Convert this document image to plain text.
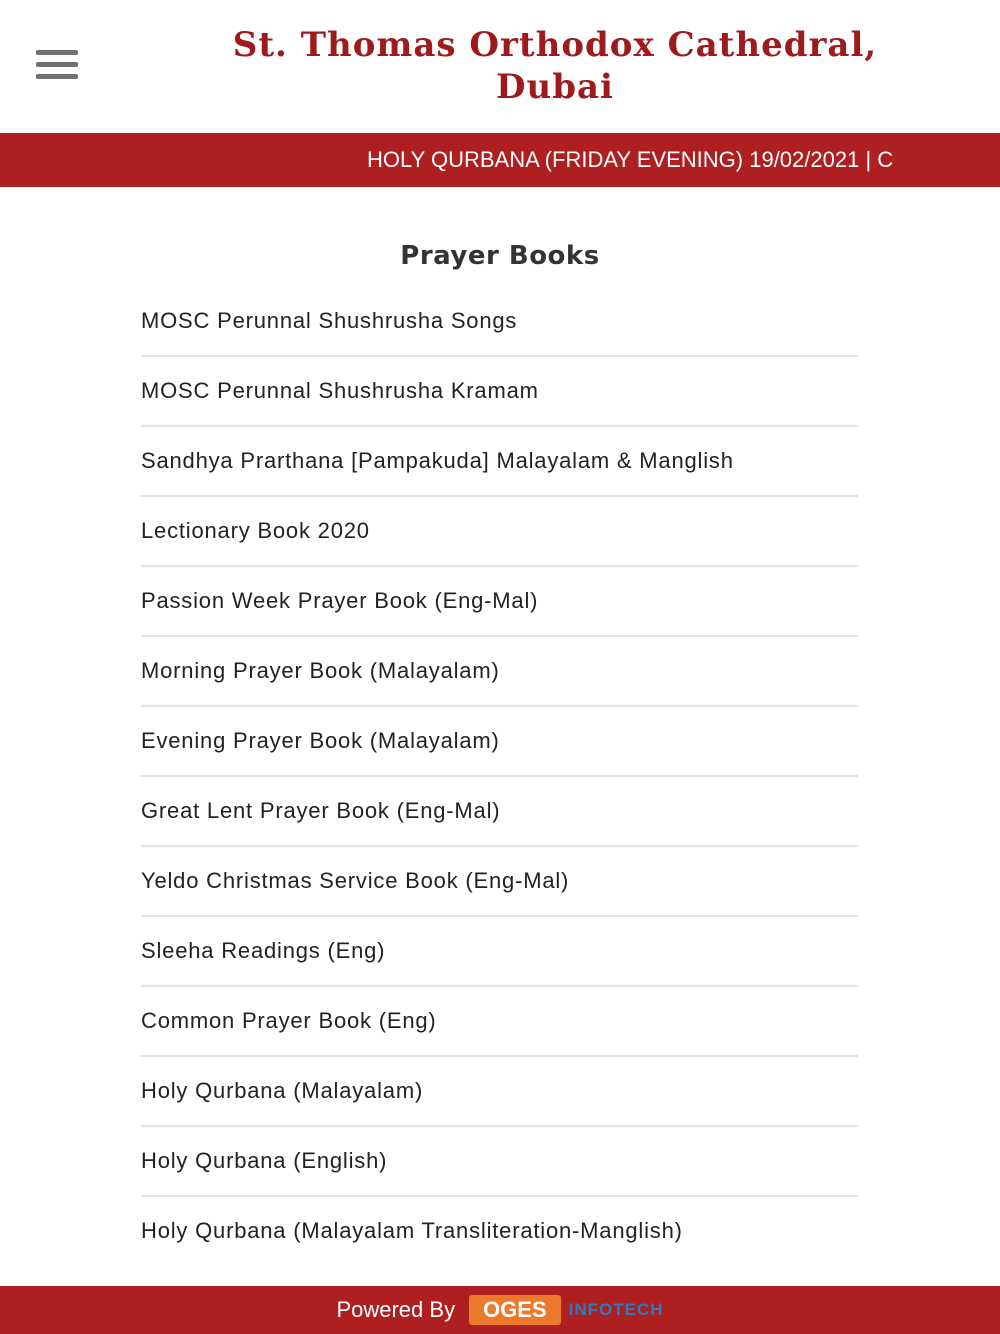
St. Thomas Orthodox Cathedral, Dubai
HOLY QURBANA (FRIDAY EVENING) 19/02/2021 | C
Prayer Books
MOSC Perunnal Shushrusha Songs
MOSC Perunnal Shushrusha Kramam
Sandhya Prarthana [Pampakuda] Malayalam & Manglish
Lectionary Book 2020
Passion Week Prayer Book (Eng-Mal)
Morning Prayer Book (Malayalam)
Evening Prayer Book (Malayalam)
Great Lent Prayer Book (Eng-Mal)
Yeldo Christmas Service Book (Eng-Mal)
Sleeha Readings (Eng)
Common Prayer Book (Eng)
Holy Qurbana (Malayalam)
Holy Qurbana (English)
Holy Qurbana (Malayalam Transliteration-Manglish)
Powered By	OGES	INFOTECH
